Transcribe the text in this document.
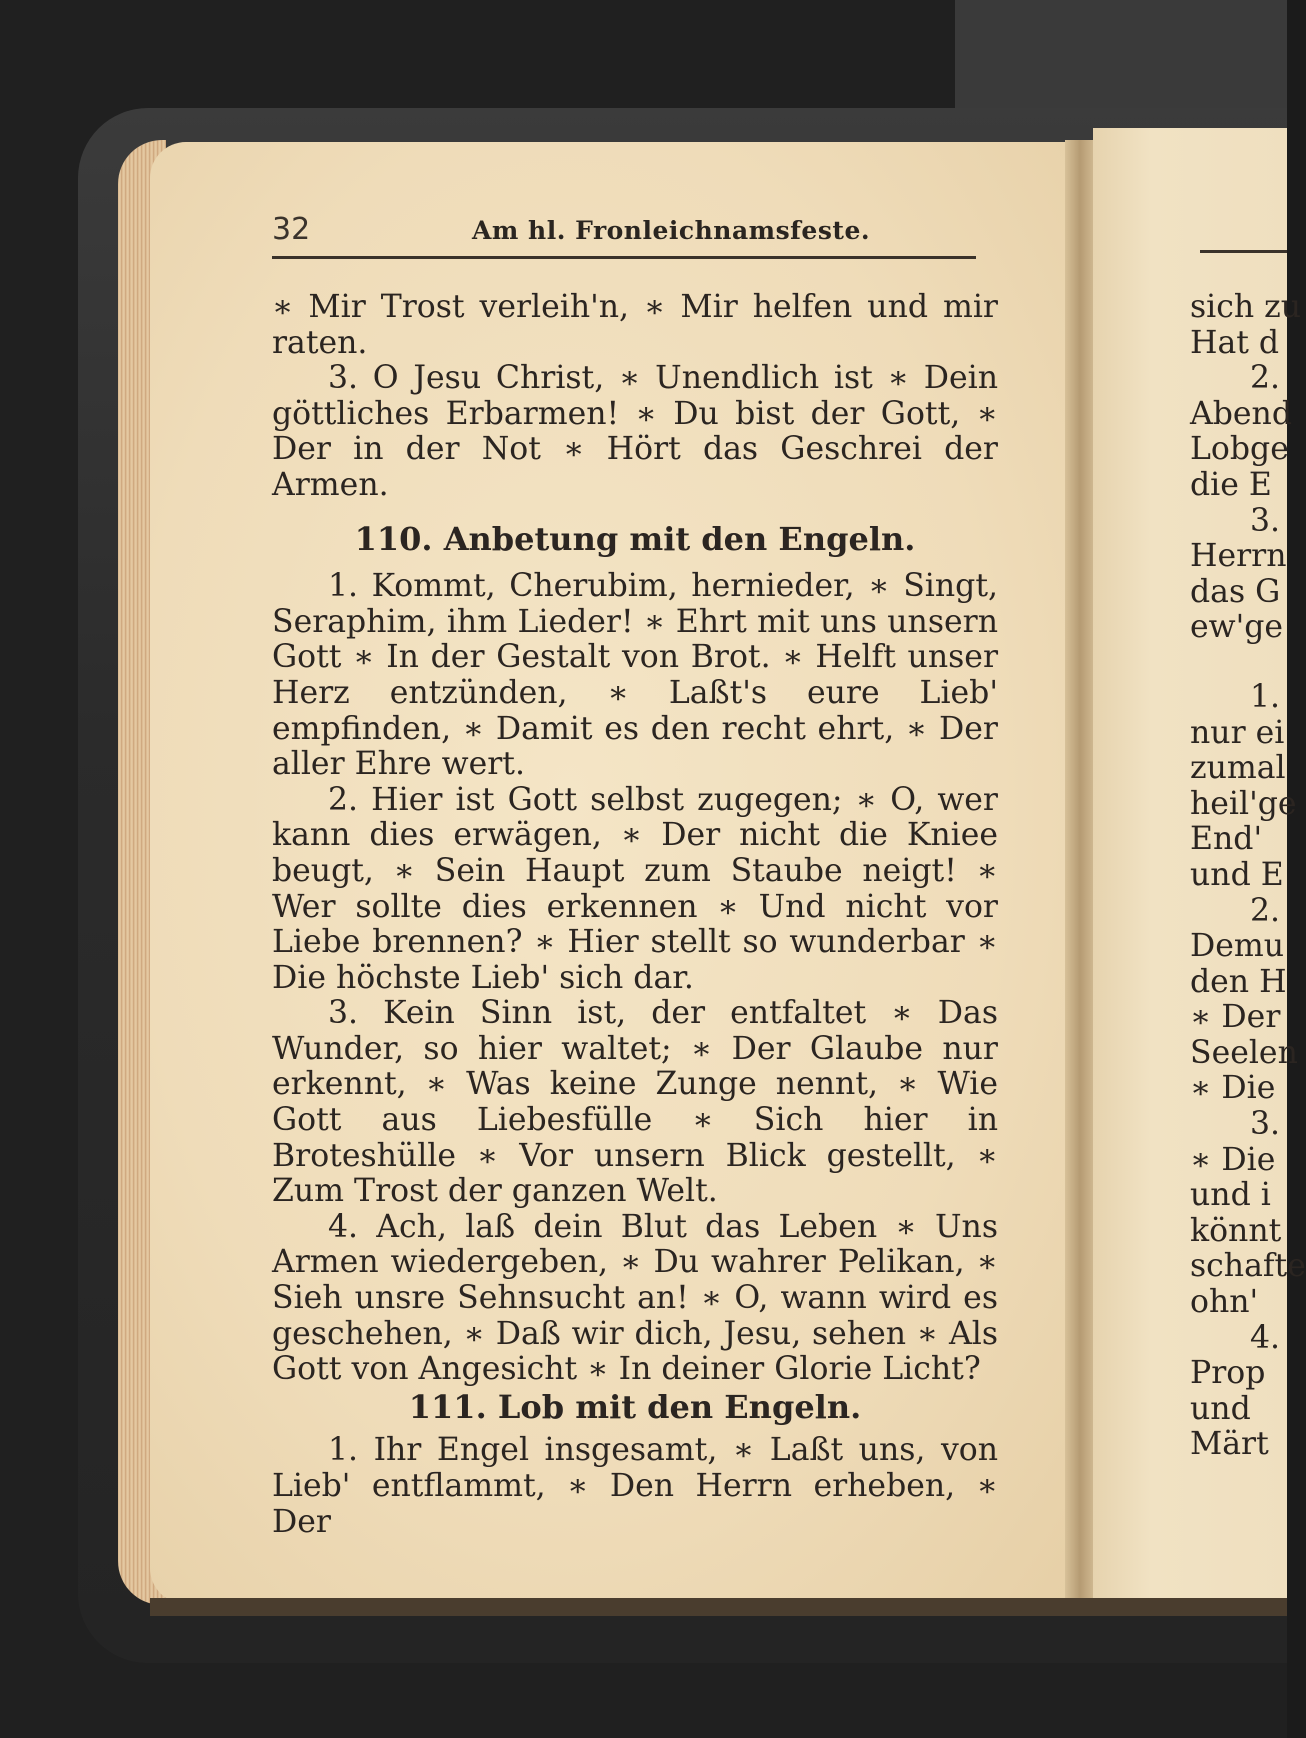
32	Am hl. Fronleichnamsfeste.

∗ Mir Trost verleih'n, ∗ Mir helfen und mir raten.

3. O Jesu Christ, ∗ Unendlich ist ∗ Dein göttliches Erbarmen! ∗ Du bist der Gott, ∗ Der in der Not ∗ Hört das Geschrei der Armen.

110. Anbetung mit den Engeln.

1. Kommt, Cherubim, hernieder, ∗ Singt, Seraphim, ihm Lieder! ∗ Ehrt mit uns unsern Gott ∗ In der Gestalt von Brot. ∗ Helft unser Herz entzünden, ∗ Laßt's eure Lieb' empfinden, ∗ Damit es den recht ehrt, ∗ Der aller Ehre wert.

2. Hier ist Gott selbst zugegen; ∗ O, wer kann dies erwägen, ∗ Der nicht die Kniee beugt, ∗ Sein Haupt zum Staube neigt! ∗ Wer sollte dies erkennen ∗ Und nicht vor Liebe brennen? ∗ Hier stellt so wunderbar ∗ Die höchste Lieb' sich dar.

3. Kein Sinn ist, der entfaltet ∗ Das Wunder, so hier waltet; ∗ Der Glaube nur erkennt, ∗ Was keine Zunge nennt, ∗ Wie Gott aus Liebesfülle ∗ Sich hier in Broteshülle ∗ Vor unsern Blick gestellt, ∗ Zum Trost der ganzen Welt.

4. Ach, laß dein Blut das Leben ∗ Uns Armen wiedergeben, ∗ Du wahrer Pelikan, ∗ Sieh unsre Sehnsucht an! ∗ O, wann wird es geschehen, ∗ Daß wir dich, Jesu, sehen ∗ Als Gott von Angesicht ∗ In deiner Glorie Licht?

111. Lob mit den Engeln.

1. Ihr Engel insgesamt, ∗ Laßt uns, von Lieb' entflammt, ∗ Den Herrn erheben, ∗ Der

sich zu

Hat d

2.

Abend

Lobge

die E

3.

Herrn

das G

ew'ge

1.

nur ei

zumal

heil'ge

End'

und E

2.

Demu

den H

∗ Der

Seelen

∗ Die

3.

∗ Die

und i

könnt

schafte

ohn'

4.

Prop

und

Märt
